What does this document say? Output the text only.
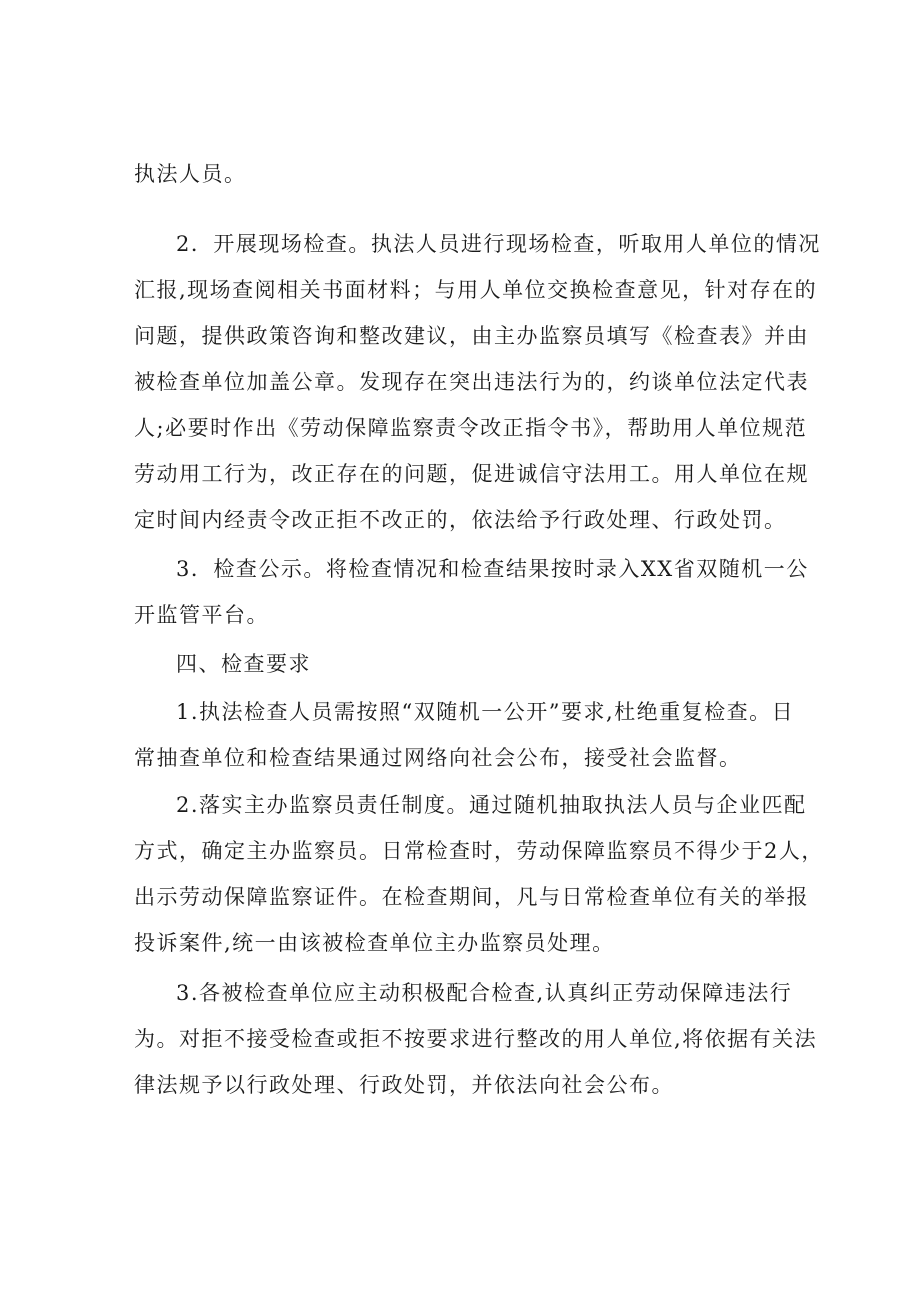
执法人员。
2．开展现场检查。执法人员进行现场检查，听取用人单位的情况
汇报,现场查阅相关书面材料；与用人单位交换检查意见，针对存在的
问题，提供政策咨询和整改建议，由主办监察员填写《检查表》并由
被检查单位加盖公章。发现存在突出违法行为的，约谈单位法定代表
人;必要时作出《劳动保障监察责令改正指令书》，帮助用人单位规范
劳动用工行为，改正存在的问题，促进诚信守法用工。用人单位在规
定时间内经责令改正拒不改正的，依法给予行政处理、行政处罚。
3．检查公示。将检查情况和检查结果按时录入XX省双随机一公
开监管平台。
四、检查要求
1.执法检查人员需按照“双随机一公开”要求,杜绝重复检查。日
常抽查单位和检查结果通过网络向社会公布，接受社会监督。
2.落实主办监察员责任制度。通过随机抽取执法人员与企业匹配
方式，确定主办监察员。日常检查时，劳动保障监察员不得少于2人，
出示劳动保障监察证件。在检查期间，凡与日常检查单位有关的举报
投诉案件,统一由该被检查单位主办监察员处理。
3.各被检查单位应主动积极配合检查,认真纠正劳动保障违法行
为。对拒不接受检查或拒不按要求进行整改的用人单位,将依据有关法
律法规予以行政处理、行政处罚，并依法向社会公布。
